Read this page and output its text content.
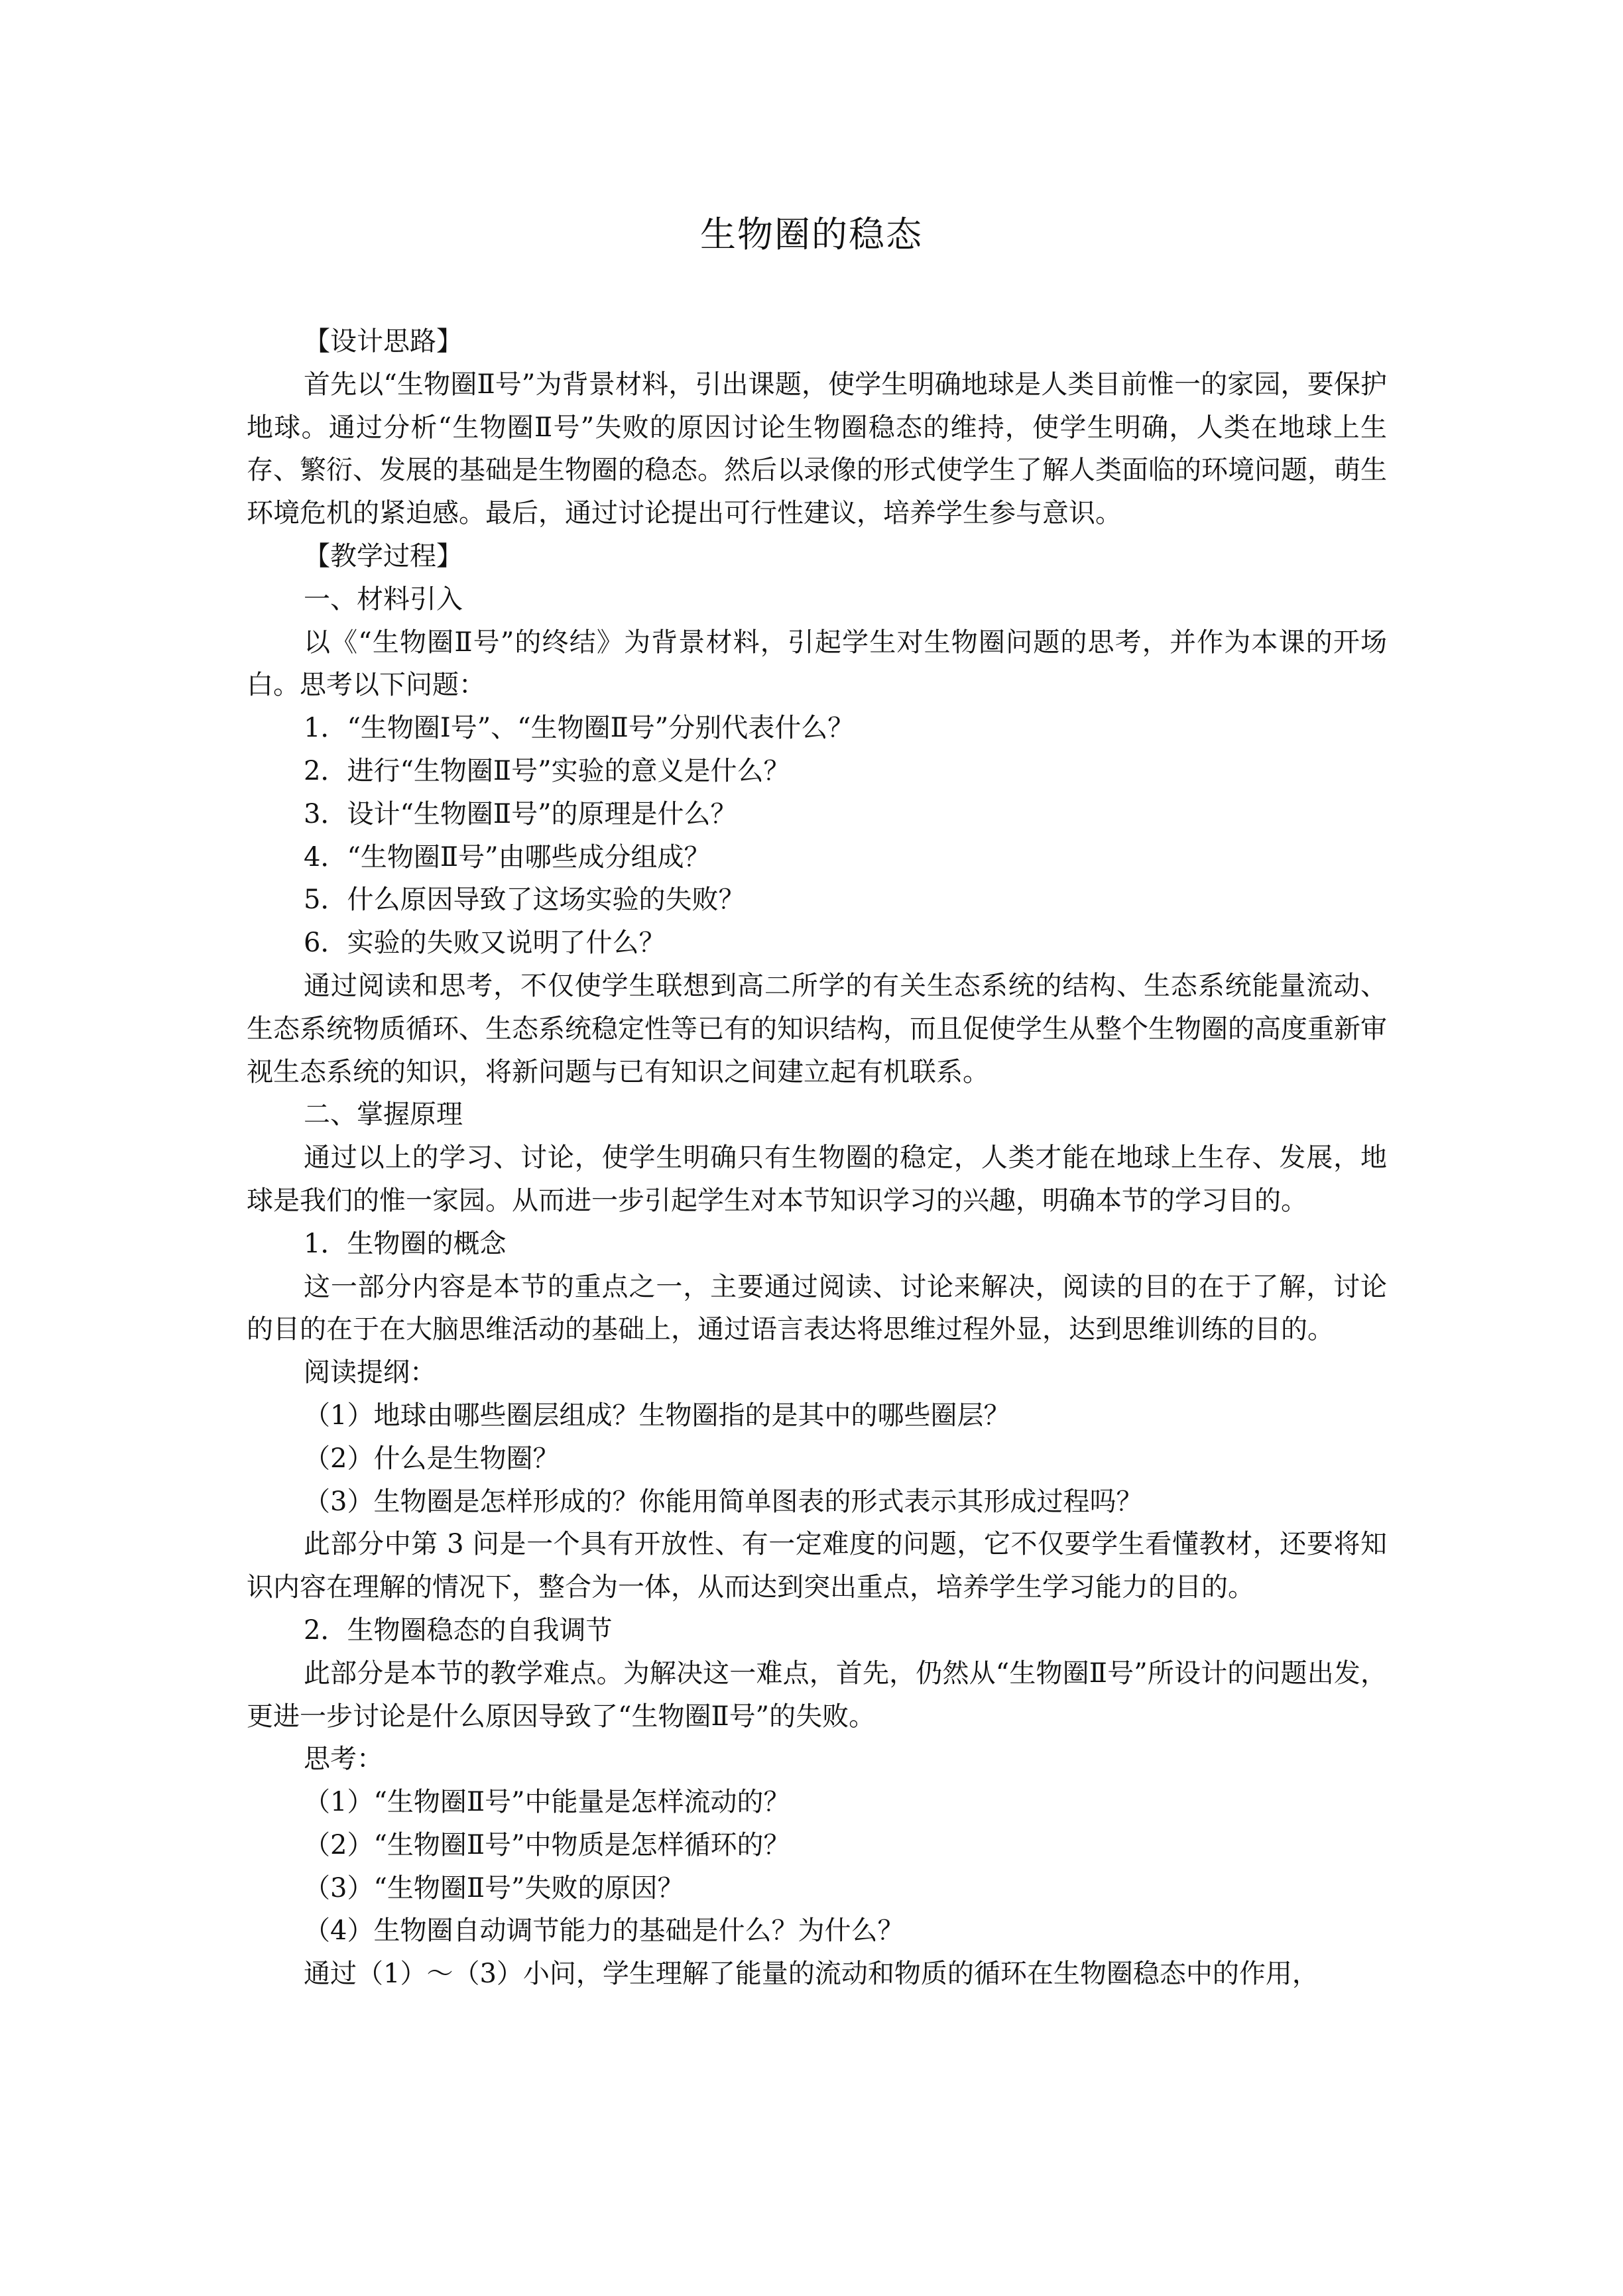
生物圈的稳态

【设计思路】

首先以“生物圈Ⅱ号”为背景材料，引出课题，使学生明确地球是人类目前惟一的家园，要保护地球。通过分析“生物圈Ⅱ号”失败的原因讨论生物圈稳态的维持，使学生明确，人类在地球上生存、繁衍、发展的基础是生物圈的稳态。然后以录像的形式使学生了解人类面临的环境问题，萌生环境危机的紧迫感。最后，通过讨论提出可行性建议，培养学生参与意识。

【教学过程】

一、材料引入

以《“生物圈Ⅱ号”的终结》为背景材料，引起学生对生物圈问题的思考，并作为本课的开场白。思考以下问题：

1．“生物圈Ⅰ号”、“生物圈Ⅱ号”分别代表什么？

2．进行“生物圈Ⅱ号”实验的意义是什么？

3．设计“生物圈Ⅱ号”的原理是什么？

4．“生物圈Ⅱ号”由哪些成分组成？

5．什么原因导致了这场实验的失败？

6．实验的失败又说明了什么？

通过阅读和思考，不仅使学生联想到高二所学的有关生态系统的结构、生态系统能量流动、生态系统物质循环、生态系统稳定性等已有的知识结构，而且促使学生从整个生物圈的高度重新审视生态系统的知识，将新问题与已有知识之间建立起有机联系。

二、掌握原理

通过以上的学习、讨论，使学生明确只有生物圈的稳定，人类才能在地球上生存、发展，地球是我们的惟一家园。从而进一步引起学生对本节知识学习的兴趣，明确本节的学习目的。

1．生物圈的概念

这一部分内容是本节的重点之一，主要通过阅读、讨论来解决，阅读的目的在于了解，讨论的目的在于在大脑思维活动的基础上，通过语言表达将思维过程外显，达到思维训练的目的。

阅读提纲：

（1）地球由哪些圈层组成？生物圈指的是其中的哪些圈层？

（2）什么是生物圈？

（3）生物圈是怎样形成的？你能用简单图表的形式表示其形成过程吗？

此部分中第 3 问是一个具有开放性、有一定难度的问题，它不仅要学生看懂教材，还要将知识内容在理解的情况下，整合为一体，从而达到突出重点，培养学生学习能力的目的。

2．生物圈稳态的自我调节

此部分是本节的教学难点。为解决这一难点，首先，仍然从“生物圈Ⅱ号”所设计的问题出发，更进一步讨论是什么原因导致了“生物圈Ⅱ号”的失败。

思考：

（1）“生物圈Ⅱ号”中能量是怎样流动的？

（2）“生物圈Ⅱ号”中物质是怎样循环的？

（3）“生物圈Ⅱ号”失败的原因？

（4）生物圈自动调节能力的基础是什么？为什么？

通过（1）～（3）小问，学生理解了能量的流动和物质的循环在生物圈稳态中的作用，
